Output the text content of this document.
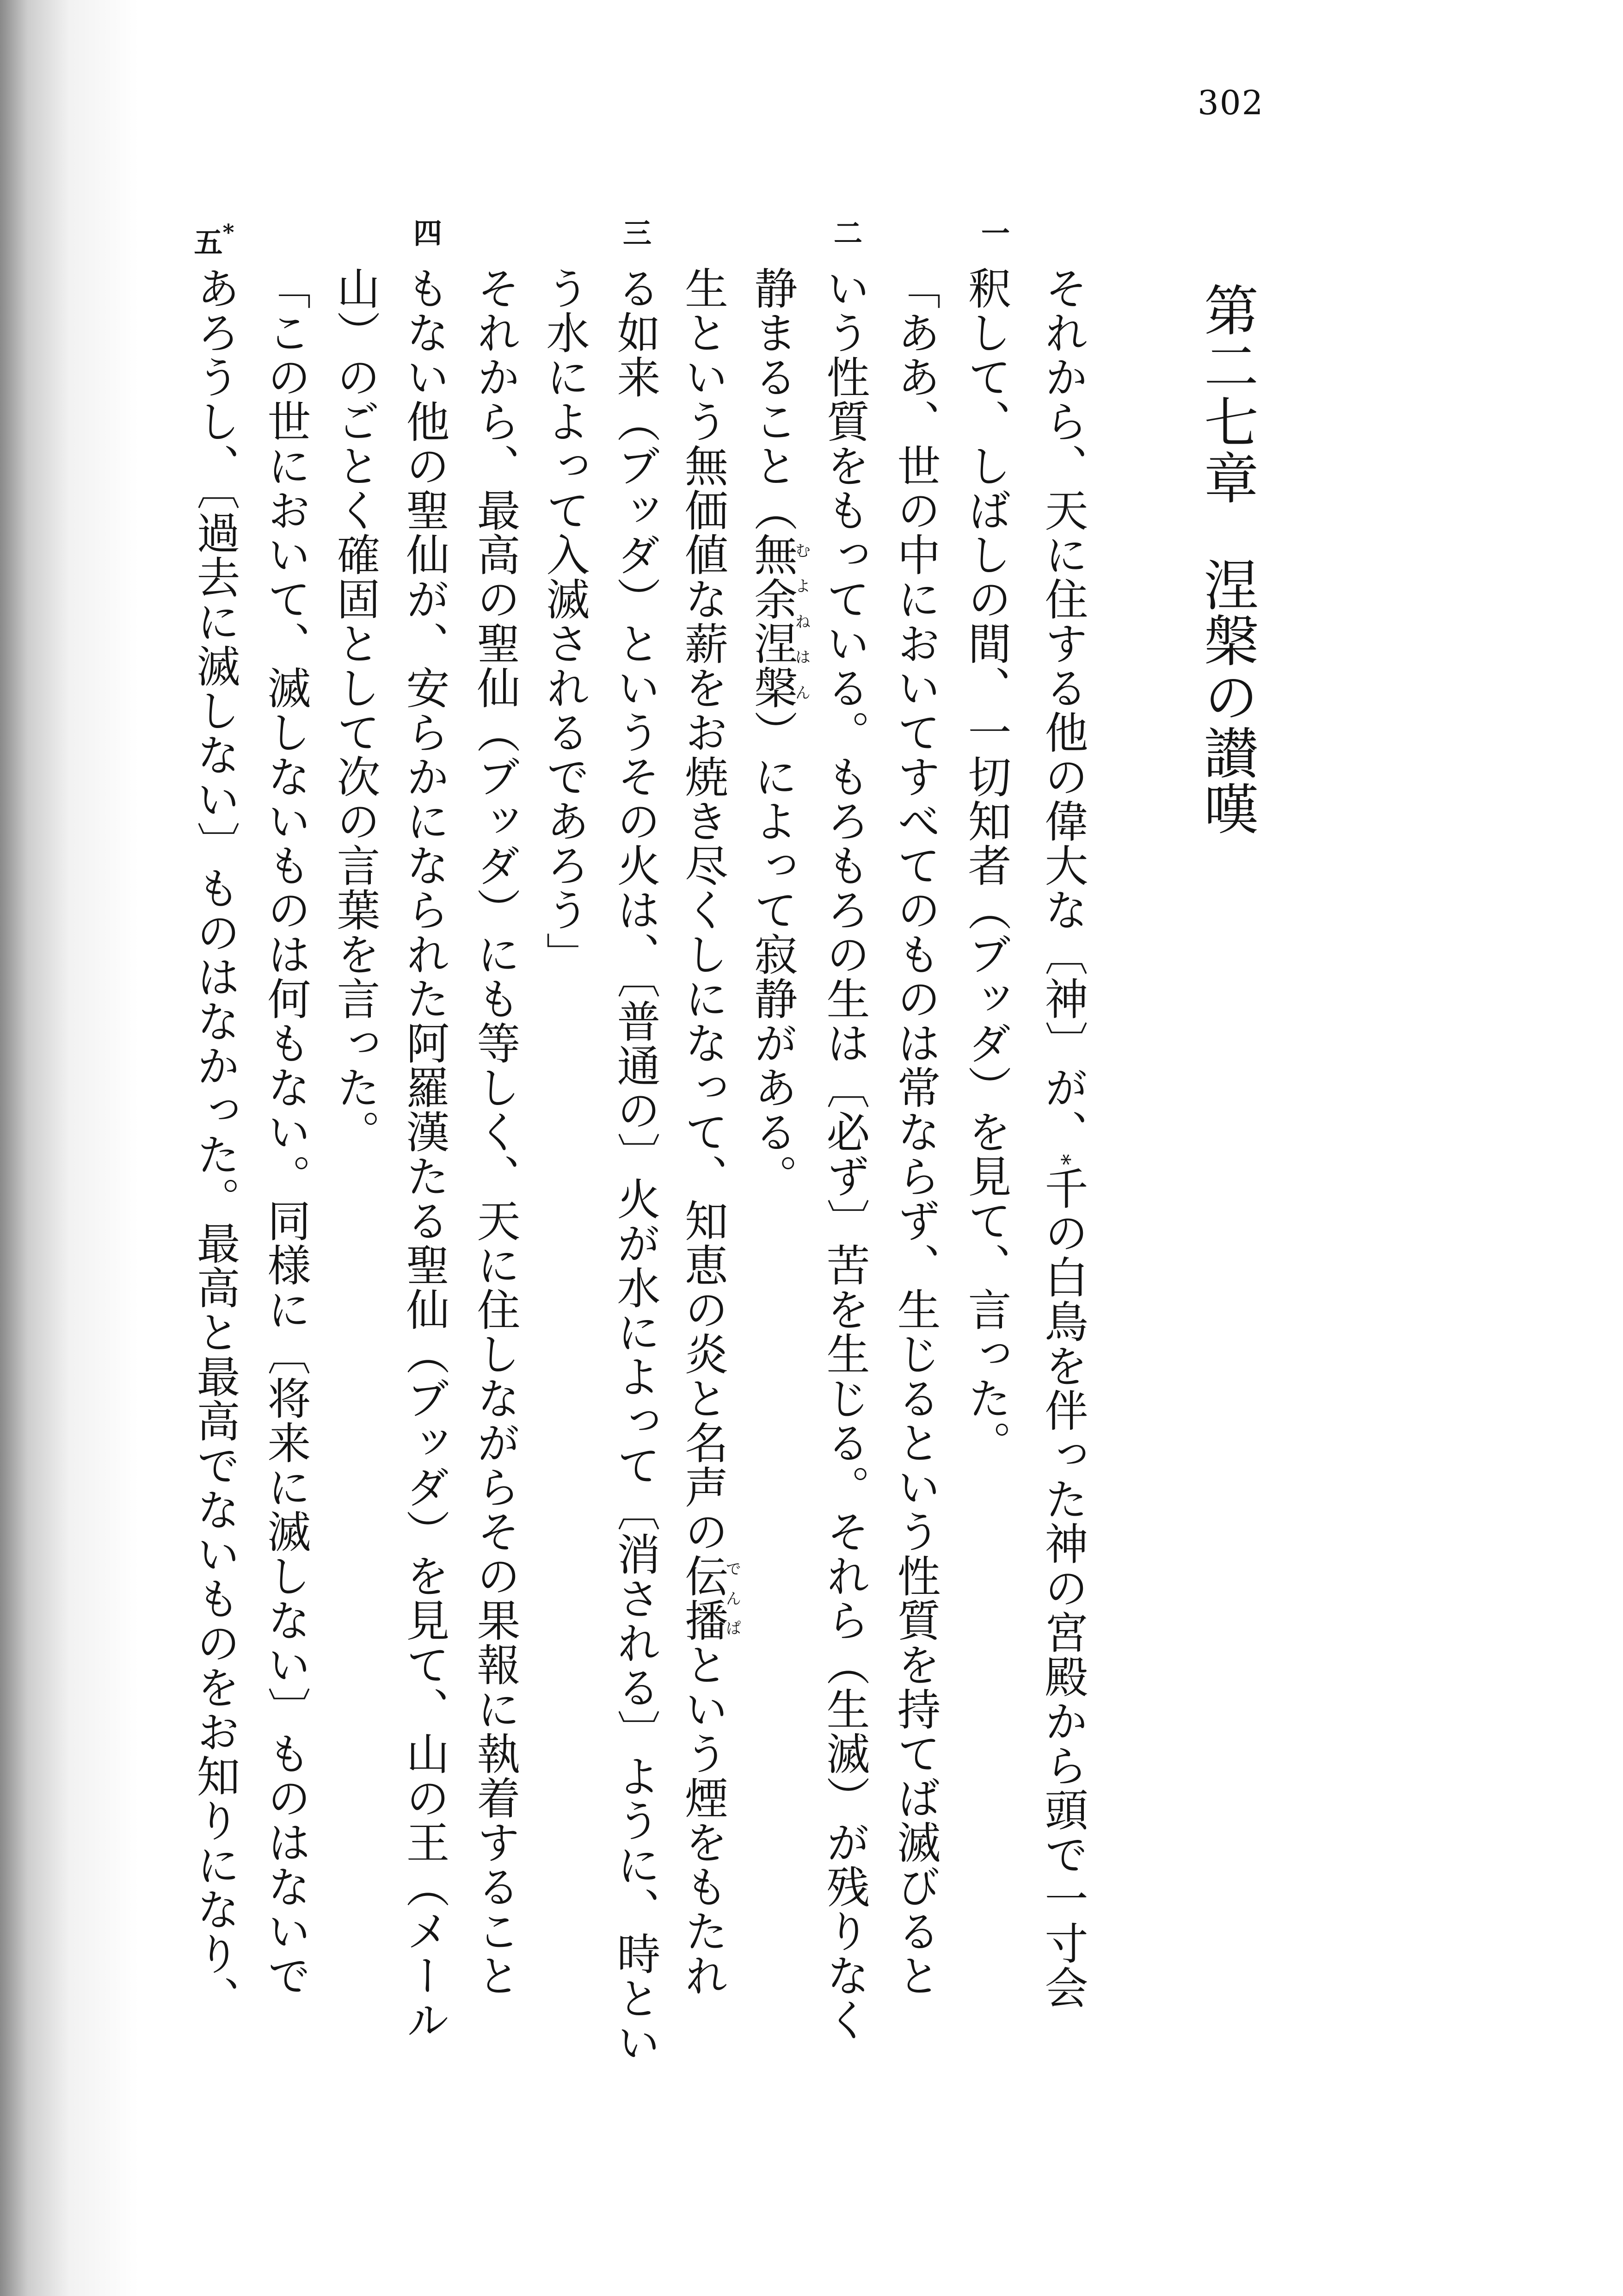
302
第二七章涅槃の讃嘆
一
二
三
四
五*
それから、天に住する他の偉大な〔神〕が、*千の白鳥を伴った神の宮殿から頭で一寸会
釈して、しばしの間、一切知者（ブッダ）を見て、言った。
「ああ、世の中においてすべてのものは常ならず、生じるという性質を持てば滅びると
いう性質をもっている。もろもろの生は〔必ず〕苦を生じる。それら（生滅）が残りなく
静まること（無余涅槃むよねはん）によって寂静がある。
生という無価値な薪をお焼き尽くしになって、知恵の炎と名声の伝播でんぱという煙をもたれ
る如来（ブッダ）というその火は、〔普通の〕火が水によって〔消される〕ように、時とい
う水によって入滅されるであろう」
それから、最高の聖仙（ブッダ）にも等しく、天に住しながらその果報に執着すること
もない他の聖仙が、安らかになられた阿羅漢たる聖仙（ブッダ）を見て、山の王（メール
山）のごとく確固として次の言葉を言った。
「この世において、滅しないものは何もない。同様に〔将来に滅しない〕ものはないで
あろうし、〔過去に滅しない〕ものはなかった。最高と最高でないものをお知りになり、
